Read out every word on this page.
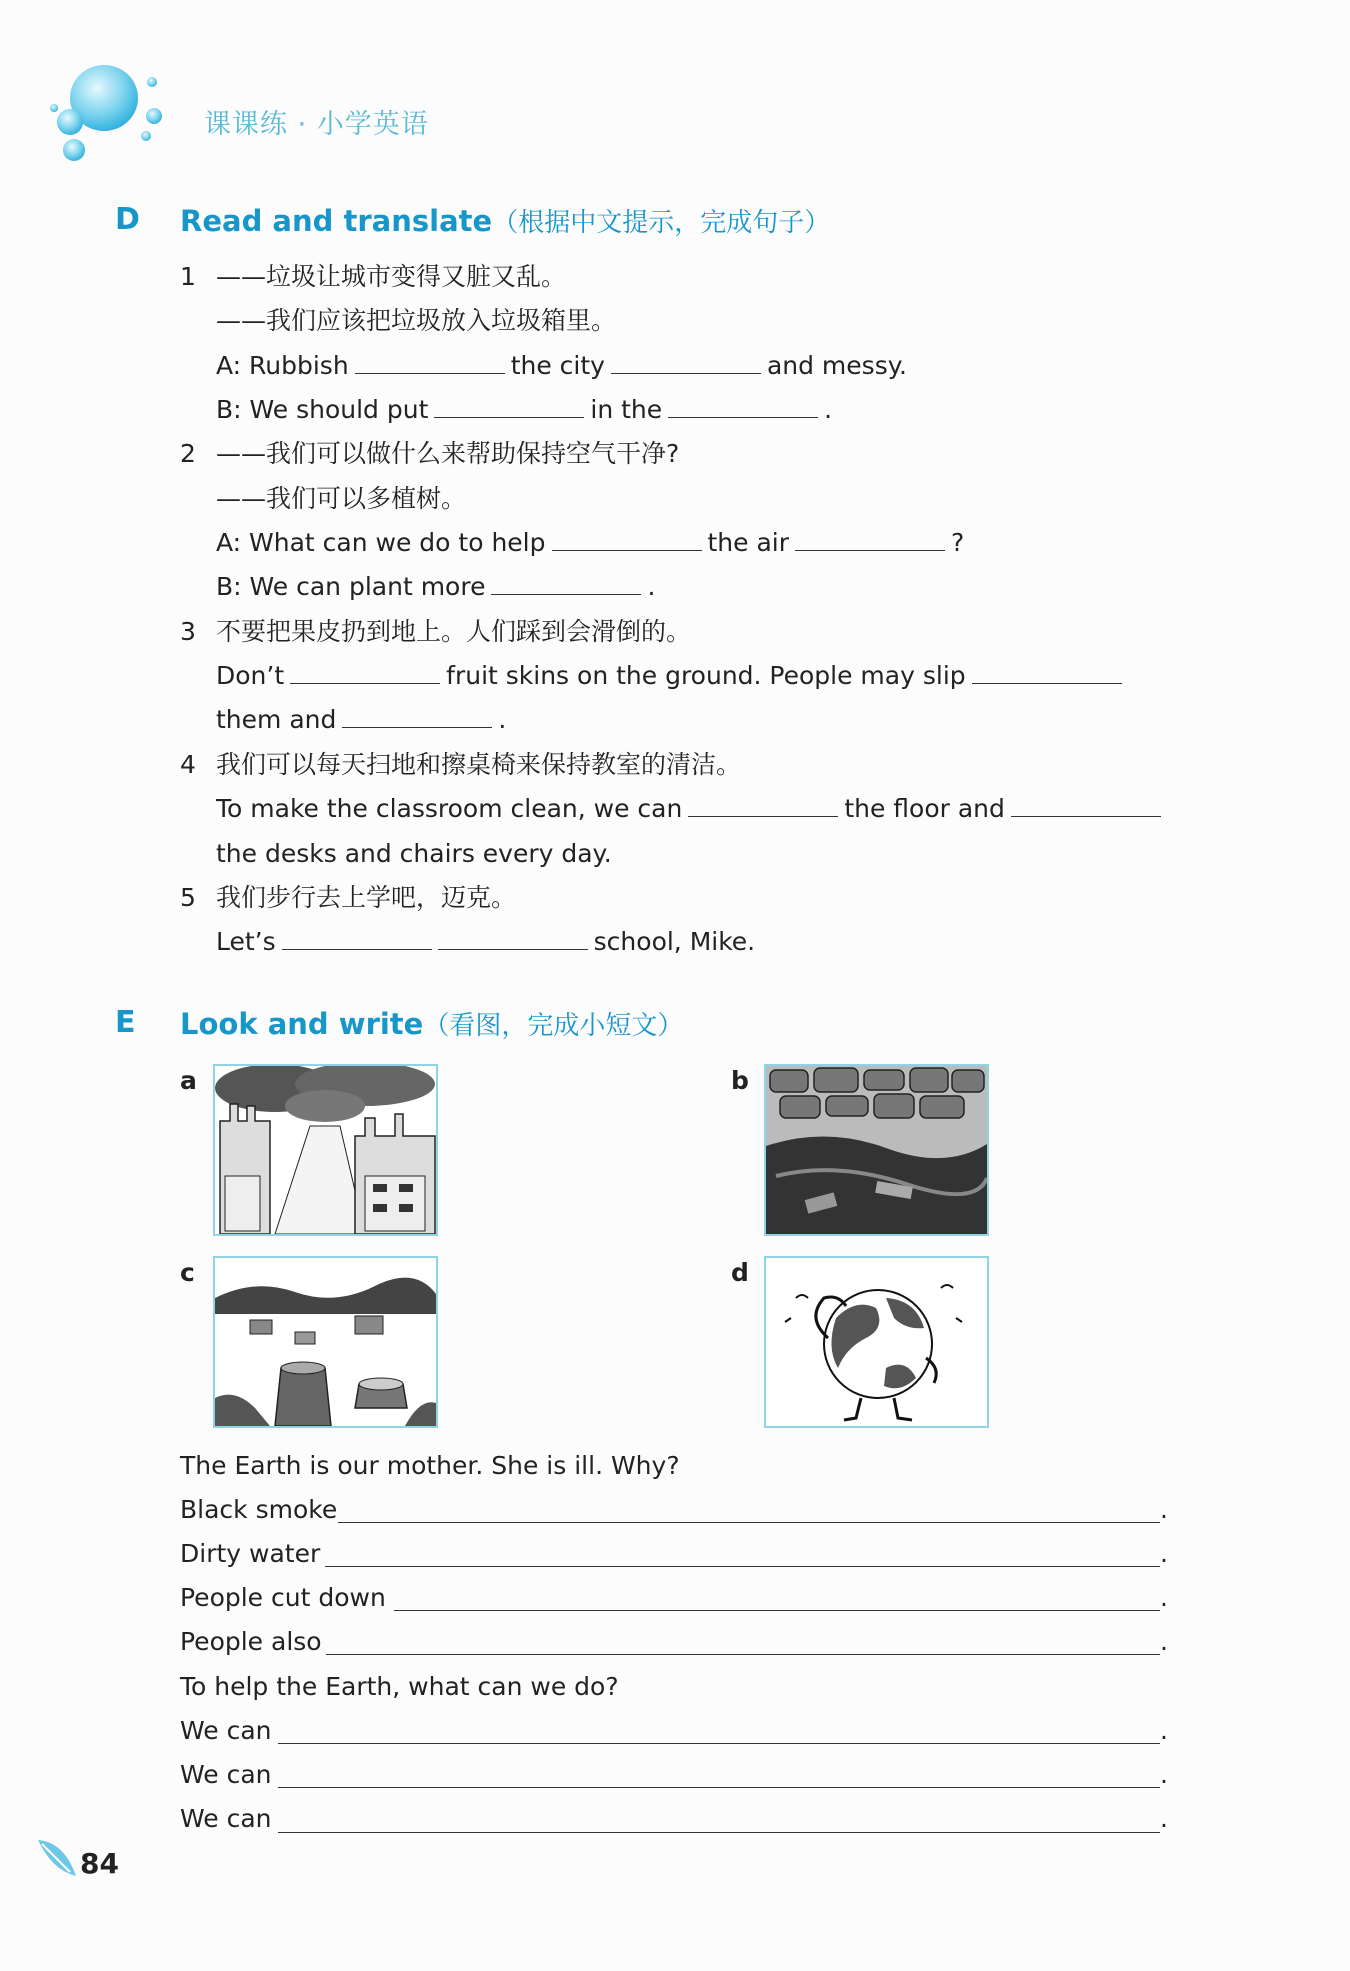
课课练 · 小学英语
D Read and translate（根据中文提示，完成句子）
1 ——垃圾让城市变得又脏又乱。
——我们应该把垃圾放入垃圾箱里。
A: Rubbish	the city	and messy.
B: We should put	in the	.
2 ——我们可以做什么来帮助保持空气干净?
——我们可以多植树。
A: What can we do to help	the air	?
B: We can plant more	.
3 不要把果皮扔到地上。人们踩到会滑倒的。
Don’t	fruit skins on the ground. People may slip
them and	.
4 我们可以每天扫地和擦桌椅来保持教室的清洁。
To make the classroom clean, we can	the floor and
the desks and chairs every day.
5 我们步行去上学吧，迈克。
Let’s	school, Mike.
E Look and write（看图，完成小短文）
a	b
c	d
The Earth is our mother. She is ill. Why?
Black smoke	.
Dirty water	.
People cut down	.
People also	.
To help the Earth, what can we do?
We can	.
We can	.
We can	.
84
